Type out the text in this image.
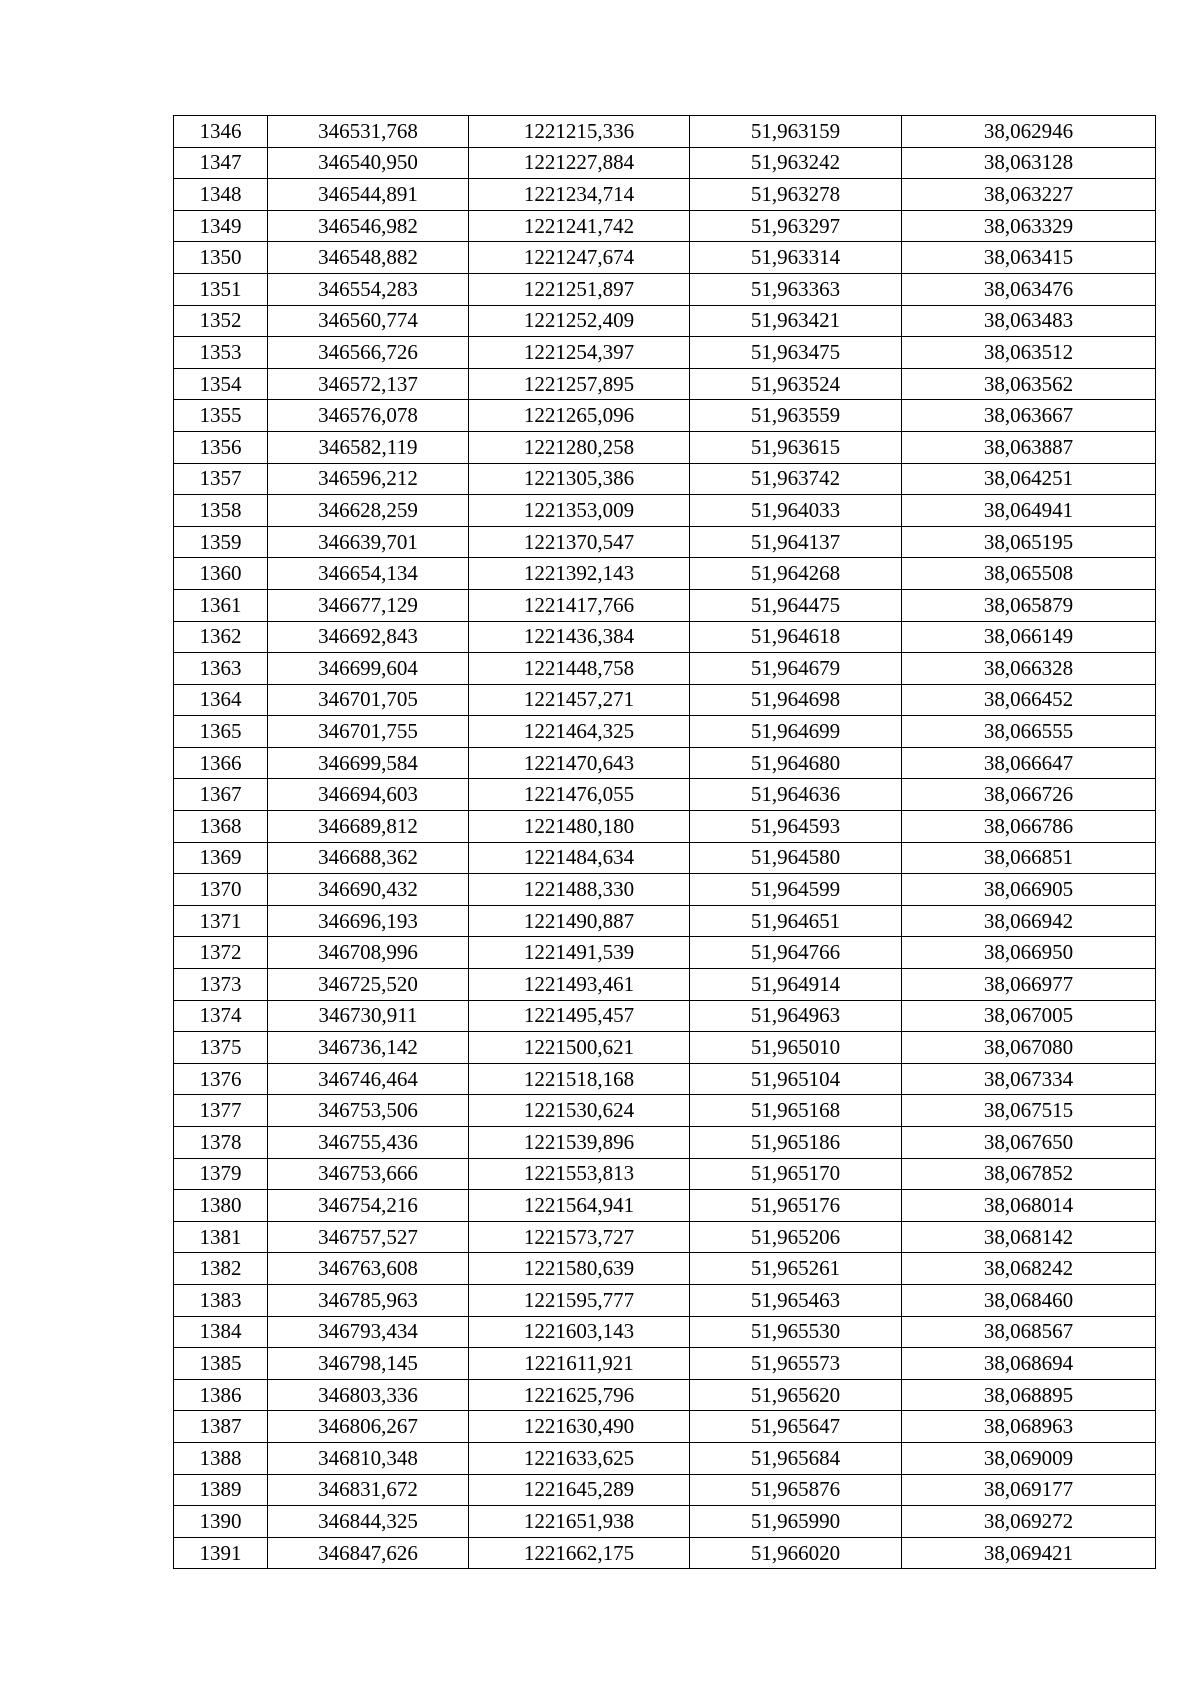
1346	346531,768	1221215,336	51,963159	38,062946
1347	346540,950	1221227,884	51,963242	38,063128
1348	346544,891	1221234,714	51,963278	38,063227
1349	346546,982	1221241,742	51,963297	38,063329
1350	346548,882	1221247,674	51,963314	38,063415
1351	346554,283	1221251,897	51,963363	38,063476
1352	346560,774	1221252,409	51,963421	38,063483
1353	346566,726	1221254,397	51,963475	38,063512
1354	346572,137	1221257,895	51,963524	38,063562
1355	346576,078	1221265,096	51,963559	38,063667
1356	346582,119	1221280,258	51,963615	38,063887
1357	346596,212	1221305,386	51,963742	38,064251
1358	346628,259	1221353,009	51,964033	38,064941
1359	346639,701	1221370,547	51,964137	38,065195
1360	346654,134	1221392,143	51,964268	38,065508
1361	346677,129	1221417,766	51,964475	38,065879
1362	346692,843	1221436,384	51,964618	38,066149
1363	346699,604	1221448,758	51,964679	38,066328
1364	346701,705	1221457,271	51,964698	38,066452
1365	346701,755	1221464,325	51,964699	38,066555
1366	346699,584	1221470,643	51,964680	38,066647
1367	346694,603	1221476,055	51,964636	38,066726
1368	346689,812	1221480,180	51,964593	38,066786
1369	346688,362	1221484,634	51,964580	38,066851
1370	346690,432	1221488,330	51,964599	38,066905
1371	346696,193	1221490,887	51,964651	38,066942
1372	346708,996	1221491,539	51,964766	38,066950
1373	346725,520	1221493,461	51,964914	38,066977
1374	346730,911	1221495,457	51,964963	38,067005
1375	346736,142	1221500,621	51,965010	38,067080
1376	346746,464	1221518,168	51,965104	38,067334
1377	346753,506	1221530,624	51,965168	38,067515
1378	346755,436	1221539,896	51,965186	38,067650
1379	346753,666	1221553,813	51,965170	38,067852
1380	346754,216	1221564,941	51,965176	38,068014
1381	346757,527	1221573,727	51,965206	38,068142
1382	346763,608	1221580,639	51,965261	38,068242
1383	346785,963	1221595,777	51,965463	38,068460
1384	346793,434	1221603,143	51,965530	38,068567
1385	346798,145	1221611,921	51,965573	38,068694
1386	346803,336	1221625,796	51,965620	38,068895
1387	346806,267	1221630,490	51,965647	38,068963
1388	346810,348	1221633,625	51,965684	38,069009
1389	346831,672	1221645,289	51,965876	38,069177
1390	346844,325	1221651,938	51,965990	38,069272
1391	346847,626	1221662,175	51,966020	38,069421
